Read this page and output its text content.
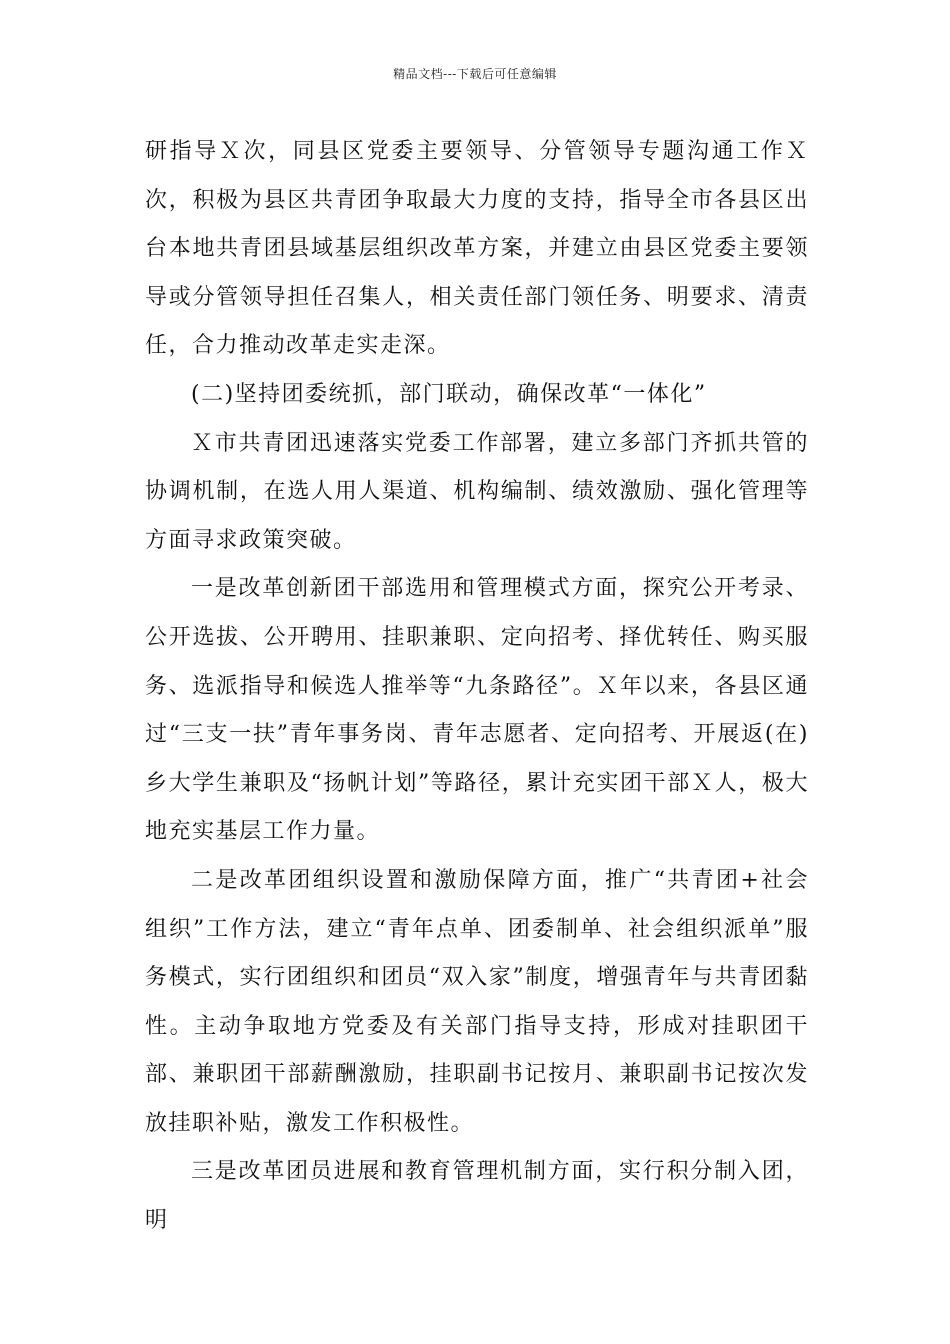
精品文档---下载后可任意编辑

研指导Ｘ次，同县区党委主要领导、分管领导专题沟通工作Ｘ次，积极为县区共青团争取最大力度的支持，指导全市各县区出台本地共青团县域基层组织改革方案，并建立由县区党委主要领导或分管领导担任召集人，相关责任部门领任务、明要求、清责任，合力推动改革走实走深。

(二)坚持团委统抓，部门联动，确保改革“一体化”

Ｘ市共青团迅速落实党委工作部署，建立多部门齐抓共管的协调机制，在选人用人渠道、机构编制、绩效激励、强化管理等方面寻求政策突破。

一是改革创新团干部选用和管理模式方面，探究公开考录、公开选拔、公开聘用、挂职兼职、定向招考、择优转任、购买服务、选派指导和候选人推举等“九条路径”。Ｘ年以来，各县区通过“三支一扶”青年事务岗、青年志愿者、定向招考、开展返(在)乡大学生兼职及“扬帆计划”等路径，累计充实团干部Ｘ人，极大地充实基层工作力量。

二是改革团组织设置和激励保障方面，推广“共青团+社会组织”工作方法，建立“青年点单、团委制单、社会组织派单”服务模式，实行团组织和团员“双入家”制度，增强青年与共青团黏性。主动争取地方党委及有关部门指导支持，形成对挂职团干部、兼职团干部薪酬激励，挂职副书记按月、兼职副书记按次发放挂职补贴，激发工作积极性。

三是改革团员进展和教育管理机制方面，实行积分制入团，明
